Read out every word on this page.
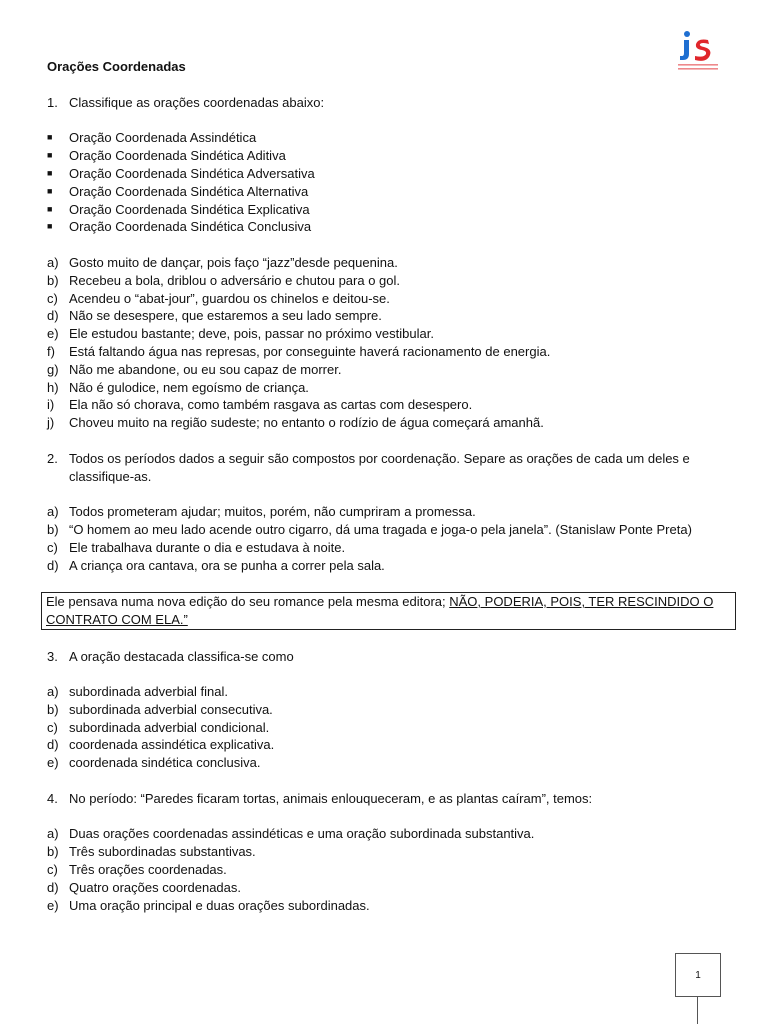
Orações Coordenadas
1. Classifique as orações coordenadas abaixo:
■	Oração Coordenada Assindética
■	Oração Coordenada Sindética Aditiva
■	Oração Coordenada Sindética Adversativa
■	Oração Coordenada Sindética Alternativa
■	Oração Coordenada Sindética Explicativa
■	Oração Coordenada Sindética Conclusiva
a) Gosto muito de dançar, pois faço “jazz”desde pequenina.
b) Recebeu a bola, driblou o adversário e chutou para o gol.
c) Acendeu o “abat-jour”, guardou os chinelos e deitou-se.
d) Não se desespere, que estaremos a seu lado sempre.
e) Ele estudou bastante; deve, pois, passar no próximo vestibular.
f)	Está faltando água nas represas, por conseguinte haverá racionamento de energia.
g) Não me abandone, ou eu sou capaz de morrer.
h) Não é gulodice, nem egoísmo de criança.
i)	Ela não só chorava, como também rasgava as cartas com desespero.
j)	Choveu muito na região sudeste; no entanto o rodízio de água começará amanhã.
2. Todos os períodos dados a seguir são compostos por coordenação. Separe as orações de cada um deles e classifique-as.
a) Todos prometeram ajudar; muitos, porém, não cumpriram a promessa.
b) “O homem ao meu lado acende outro cigarro, dá uma tragada e joga-o pela janela”. (Stanislaw Ponte Preta)
c) Ele trabalhava durante o dia e estudava à noite.
d) A criança ora cantava, ora se punha a correr pela sala.
Ele pensava numa nova edição do seu romance pela mesma editora; NÃO, PODERIA, POIS, TER RESCINDIDO O CONTRATO COM ELA.”
3. A oração destacada classifica-se como
a) subordinada adverbial final.
b) subordinada adverbial consecutiva.
c) subordinada adverbial condicional.
d) coordenada assindética explicativa.
e) coordenada sindética conclusiva.
4. No período: “Paredes ficaram tortas, animais enlouqueceram, e as plantas caíram”, temos:
a) Duas orações coordenadas assindéticas e uma oração subordinada substantiva.
b) Três subordinadas substantivas.
c) Três orações coordenadas.
d) Quatro orações coordenadas.
e) Uma oração principal e duas orações subordinadas.
1
